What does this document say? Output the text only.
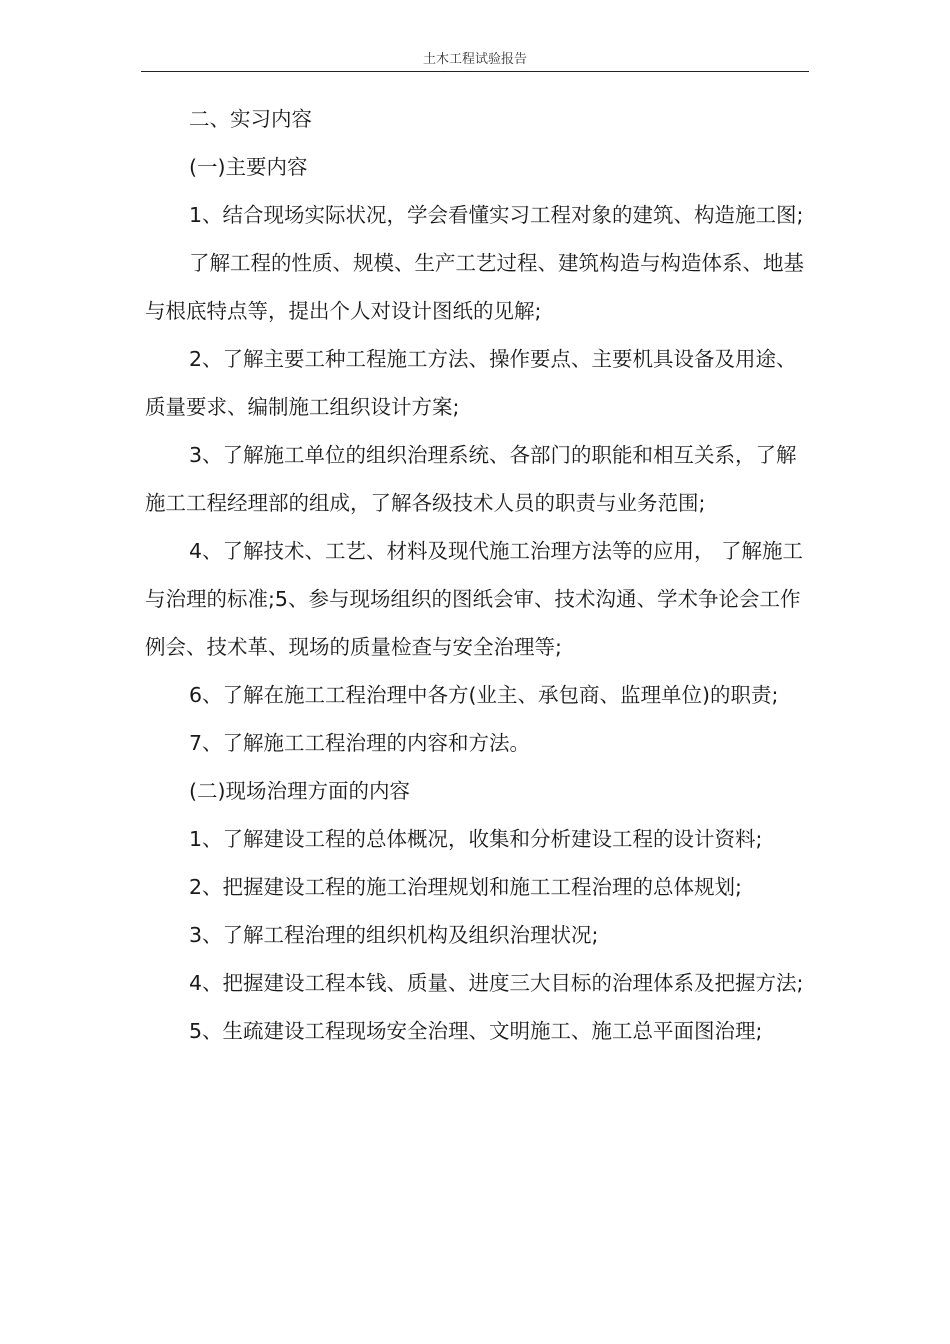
土木工程试验报告

二、实习内容

(一)主要内容

1、结合现场实际状况，学会看懂实习工程对象的建筑、构造施工图;

了解工程的性质、规模、生产工艺过程、建筑构造与构造体系、地基与根底特点等，提出个人对设计图纸的见解;

2、了解主要工种工程施工方法、操作要点、主要机具设备及用途、质量要求、编制施工组织设计方案;

3、了解施工单位的组织治理系统、各部门的职能和相互关系，了解施工工程经理部的组成，了解各级技术人员的职责与业务范围;

4、了解技术、工艺、材料及现代施工治理方法等的应用， 了解施工与治理的标准;5、参与现场组织的图纸会审、技术沟通、学术争论会工作例会、技术革、现场的质量检查与安全治理等;

6、了解在施工工程治理中各方(业主、承包商、监理单位)的职责;

7、了解施工工程治理的内容和方法。

(二)现场治理方面的内容

1、了解建设工程的总体概况，收集和分析建设工程的设计资料;

2、把握建设工程的施工治理规划和施工工程治理的总体规划;

3、了解工程治理的组织机构及组织治理状况;

4、把握建设工程本钱、质量、进度三大目标的治理体系及把握方法;

5、生疏建设工程现场安全治理、文明施工、施工总平面图治理;
